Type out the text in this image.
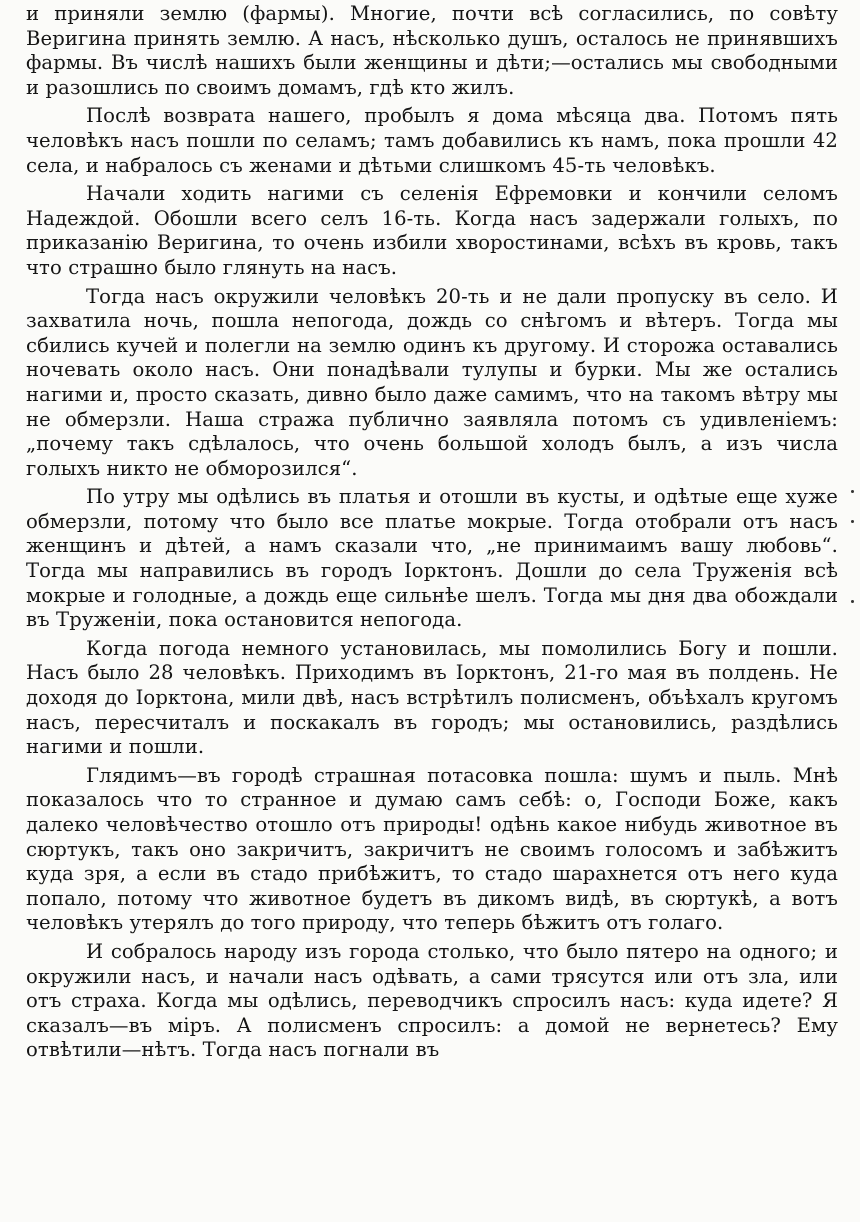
и приняли землю (фармы). Многие, почти всѣ согласились, по совѣту Веригина принять землю. А насъ, нѣсколько душъ, осталось не принявшихъ фармы. Въ числѣ нашихъ были женщины и дѣти;—остались мы свободными и разошлись по своимъ домамъ, гдѣ кто жилъ.

Послѣ возврата нашего, пробылъ я дома мѣсяца два. Потомъ пять человѣкъ насъ пошли по селамъ; тамъ добавились къ намъ, пока прошли 42 села, и набралось съ женами и дѣтьми слишкомъ 45-ть человѣкъ.

Начали ходить нагими съ селенія Ефремовки и кончили селомъ Надеждой. Обошли всего селъ 16-ть. Когда насъ задержали голыхъ, по приказанію Веригина, то очень избили хворостинами, всѣхъ въ кровь, такъ что страшно было глянуть на насъ.

Тогда насъ окружили человѣкъ 20-ть и не дали пропуску въ село. И захватила ночь, пошла непогода, дождь со снѣгомъ и вѣтеръ. Тогда мы сбились кучей и полегли на землю одинъ къ другому. И сторожа оставались ночевать около насъ. Они понадѣвали тулупы и бурки. Мы же остались нагими и, просто сказать, дивно было даже самимъ, что на такомъ вѣтру мы не обмерзли. Наша стража публично заявляла потомъ съ удивленіемъ: „почему такъ сдѣлалось, что очень большой холодъ былъ, а изъ числа голыхъ никто не обморозился“.

По утру мы одѣлись въ платья и отошли въ кусты, и одѣтые еще хуже обмерзли, потому что было все платье мокрые. Тогда отобрали отъ насъ женщинъ и дѣтей, а намъ сказали что, „не принимаимъ вашу любовь“. Тогда мы направились въ городъ Іорктонъ. Дошли до села Труженія всѣ мокрые и голодные, а дождь еще сильнѣе шелъ. Тогда мы дня два обождали въ Труженіи, пока остановится непогода.

Когда погода немного установилась, мы помолились Богу и пошли. Насъ было 28 человѣкъ. Приходимъ въ Іорктонъ, 21-го мая въ полдень. Не доходя до Іорктона, мили двѣ, насъ встрѣтилъ полисменъ, объѣхалъ кругомъ насъ, пересчиталъ и поскакалъ въ городъ; мы остановились, раздѣлись нагими и пошли.

Глядимъ—въ городѣ страшная потасовка пошла: шумъ и пыль. Мнѣ показалось что то странное и думаю самъ себѣ: о, Господи Боже, какъ далеко человѣчество отошло отъ природы! одѣнь какое нибудь животное въ сюртукъ, такъ оно закричитъ, закричитъ не своимъ голосомъ и забѣжитъ куда зря, а если въ стадо прибѣжитъ, то стадо шарахнется отъ него куда попало, потому что животное будетъ въ дикомъ видѣ, въ сюртукѣ, а вотъ человѣкъ утерялъ до того природу, что теперь бѣжитъ отъ голаго.

И собралось народу изъ города столько, что было пятеро на одного; и окружили насъ, и начали насъ одѣвать, а сами трясутся или отъ зла, или отъ страха. Когда мы одѣлись, переводчикъ спросилъ насъ: куда идете? Я сказалъ—въ міръ. А полисменъ спросилъ: а домой не вернетесь? Ему отвѣтили—нѣтъ. Тогда насъ погнали въ
